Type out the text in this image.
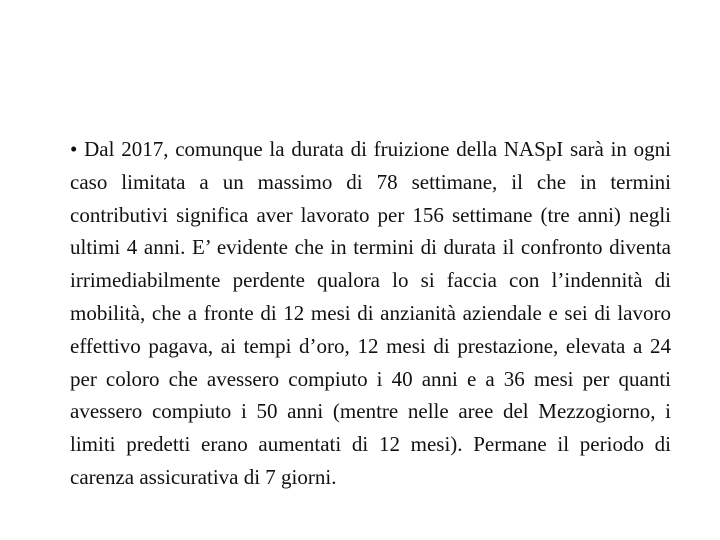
• Dal 2017, comunque la durata di fruizione della NASpI sarà in ogni caso limitata a un massimo di 78 settimane, il che in termini contributivi significa aver lavorato per 156 settimane (tre anni) negli ultimi 4 anni. E’ evidente che in termini di durata il confronto diventa irrimediabilmente perdente qualora lo si faccia con l’indennità di mobilità, che a fronte di 12 mesi di anzianità aziendale e sei di lavoro effettivo pagava, ai tempi d’oro, 12 mesi di prestazione, elevata a 24 per coloro che avessero compiuto i 40 anni e a 36 mesi per quanti avessero compiuto i 50 anni (mentre nelle aree del Mezzogiorno, i limiti predetti erano aumentati di 12 mesi). Permane il periodo di carenza assicurativa di 7 giorni.
